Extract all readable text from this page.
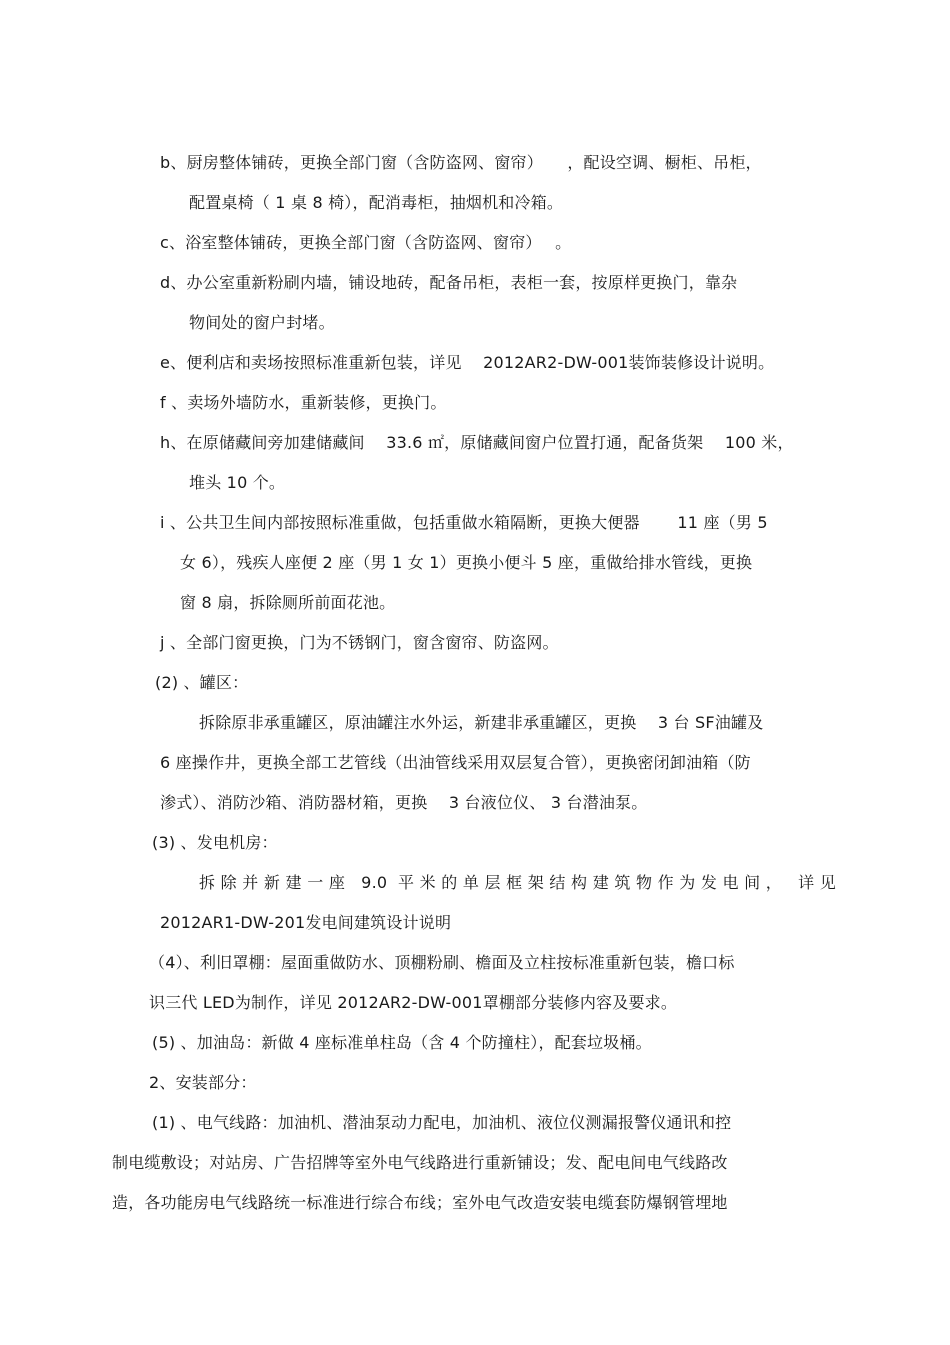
b、厨房整体铺砖，更换全部门窗（含防盗网、窗帘）　　，配设空调、橱柜、吊柜，
配置桌椅（ 1 桌 8 椅），配消毒柜，抽烟机和冷箱。
c、浴室整体铺砖，更换全部门窗（含防盗网、窗帘）　 。
d、办公室重新粉刷内墙，铺设地砖，配备吊柜，表柜一套，按原样更换门，靠杂
物间处的窗户封堵。
e、便利店和卖场按照标准重新包装，详见　 2012AR2-DW-001装饰装修设计说明。
f 、卖场外墙防水，重新装修，更换门。
h、在原储藏间旁加建储藏间　 33.6 ㎡，原储藏间窗户位置打通，配备货架　 100 米，
堆头 10 个。
i 、公共卫生间内部按照标准重做，包括重做水箱隔断，更换大便器　　 11 座（男 5
女 6），残疾人座便 2 座（男 1 女 1）更换小便斗 5 座，重做给排水管线，更换
窗 8 扇，拆除厕所前面花池。
j 、全部门窗更换，门为不锈钢门，窗含窗帘、防盗网。
(2) 、罐区：
拆除原非承重罐区，原油罐注水外运，新建非承重罐区，更换　 3 台 SF油罐及
6 座操作井，更换全部工艺管线（出油管线采用双层复合管），更换密闭卸油箱（防
渗式）、消防沙箱、消防器材箱，更换　 3 台液位仪、 3 台潜油泵。
(3) 、发电机房：
拆除并新建一座 9.0 平米的单层框架结构建筑物作为发电间， 详见
2012AR1-DW-201发电间建筑设计说明
（4）、利旧罩棚：屋面重做防水、顶棚粉刷、檐面及立柱按标准重新包装，檐口标
识三代 LED为制作，详见 2012AR2-DW-001罩棚部分装修内容及要求。
(5) 、加油岛：新做 4 座标准单柱岛（含 4 个防撞柱），配套垃圾桶。
2、安装部分：
(1) 、电气线路：加油机、潜油泵动力配电，加油机、液位仪测漏报警仪通讯和控
制电缆敷设；对站房、广告招牌等室外电气线路进行重新铺设；发、配电间电气线路改
造，各功能房电气线路统一标准进行综合布线；室外电气改造安装电缆套防爆钢管埋地
